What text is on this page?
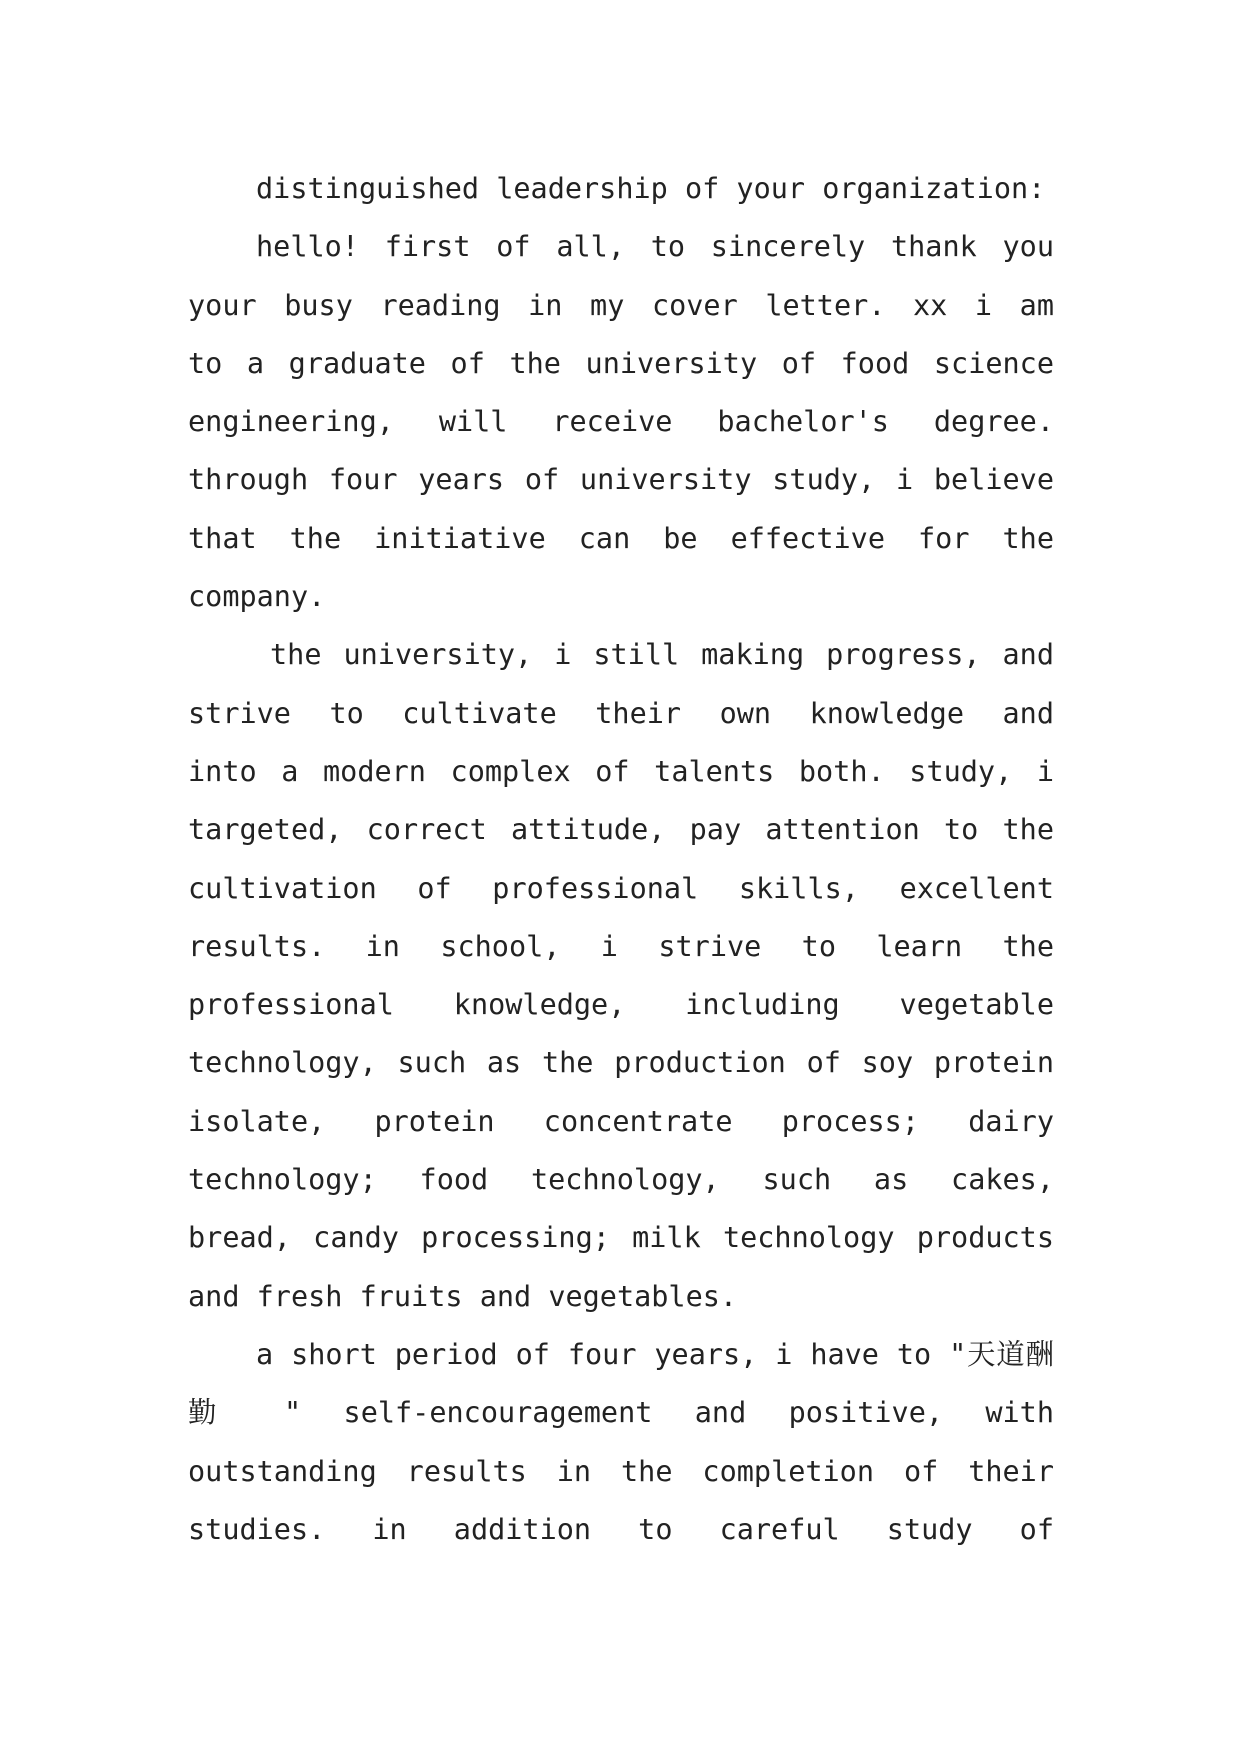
distinguished leadership of your organization:
hello! first of all, to sincerely thank you
your busy reading in my cover letter. xx i am
to a graduate of the university of food science
engineering, will receive bachelor's degree.
through four years of university study, i believe
that the initiative can be effective for the
company.
the university, i still making progress, and
strive to cultivate their own knowledge and
into a modern complex of talents both. study, i
targeted, correct attitude, pay attention to the
cultivation of professional skills, excellent
results. in school, i strive to learn the
professional knowledge, including vegetable
technology, such as the production of soy protein
isolate, protein concentrate process; dairy
technology; food technology, such as cakes,
bread, candy processing; milk technology products
and fresh fruits and vegetables.
a short period of four years, i have to "天道酬
勤 " self-encouragement and positive, with
outstanding results in the completion of their
studies. in addition to careful study of
